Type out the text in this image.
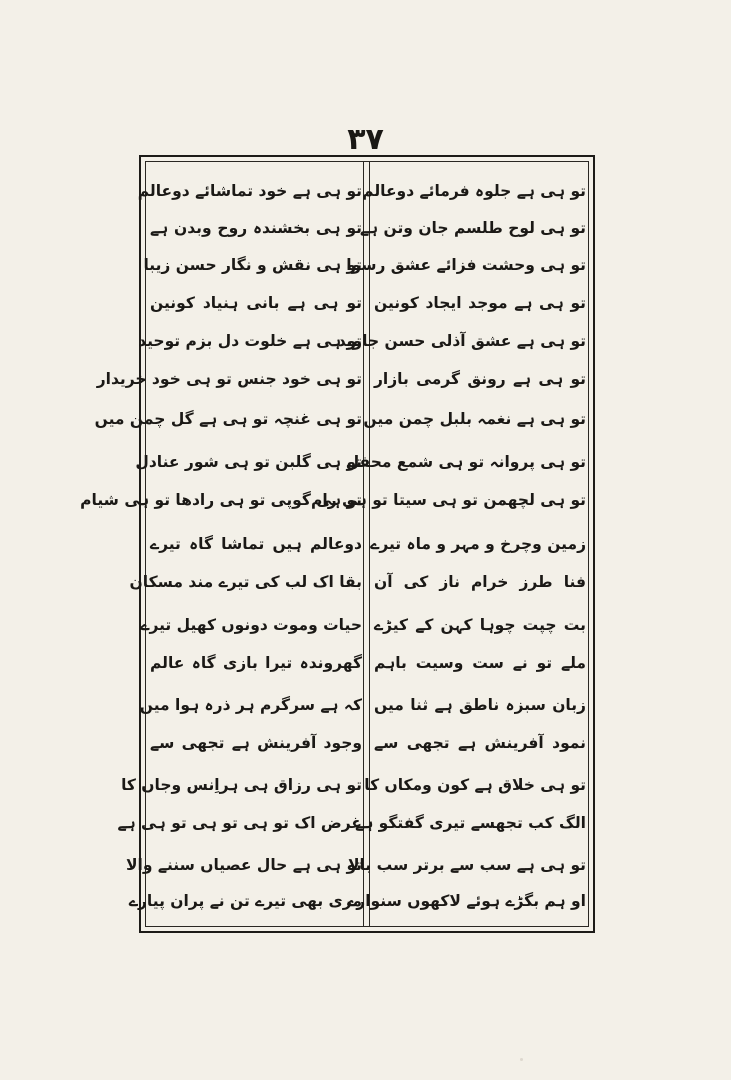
۳۷
تو ہی ہے جلوہ فرمائے دوعالم
تو ہی لوح طلسم جان وتن ہے
تو ہی وحشت فزائے عشق رسوا
تو ہی ہے موجد ایجاد کونین
تو ہی ہے عشق آذلی حسن جاوید
تو ہی ہے رونق گرمی بازار
تو ہی ہے نغمہ بلبل چمن میں
تو ہی پروانہ تو ہی شمع محفل
تو ہی لچھمن تو ہی سیتا تو ہی رام
زمین وچرخ و مہر و ماہ تیرے
فنا طرز خرام ناز کی آن
بت چپت چوہا کہن کے کیڑے
ملے تو نے ست وسیت باہم
زبان سبزہ ناطق ہے ثنا میں
نمود آفرینش ہے تجھی سے
تو ہی خلاق ہے کون ومکاں کا
الگ کب تجھسے تیری گفتگو ہے
تو ہی ہے سب سے برتر سب بالا
او ہم بگڑے ہوئے لاکھوں سنوارے
تو ہی ہے خود تماشائے دوعالم
تو ہی بخشندہ روح وبدن ہے
تو ہی نقش و نگار حسن زیبا
تو ہی ہے بانی ہنیاد کونین
تو ہی ہے خلوت دل بزم توحید
تو ہی خود جنس تو ہی خود خریدار
تو ہی غنچہ تو ہی ہے گل چمن میں
تو ہی گلبن تو ہی شور عنادل
تو ہی گوپی تو ہی رادھا تو ہی شیام
دوعالم ہیں تماشا گاہ تیرے
بقا اک لب کی تیرے مند مسکان
حیات وموت دونوں کھیل تیرے
گھروندہ تیرا بازی گاہ عالم
کہ ہے سرگرم ہر ذرہ ہوا میں
وجود آفرینش ہے تجھی سے
تو ہی رزاق ہی ہراِنس وجاں کا
غرض اک تو ہی تو ہی تو ہی ہے
تو ہی ہے حال عصیاں سننے والا
مری بھی تیرے تن نے پران پیارے
